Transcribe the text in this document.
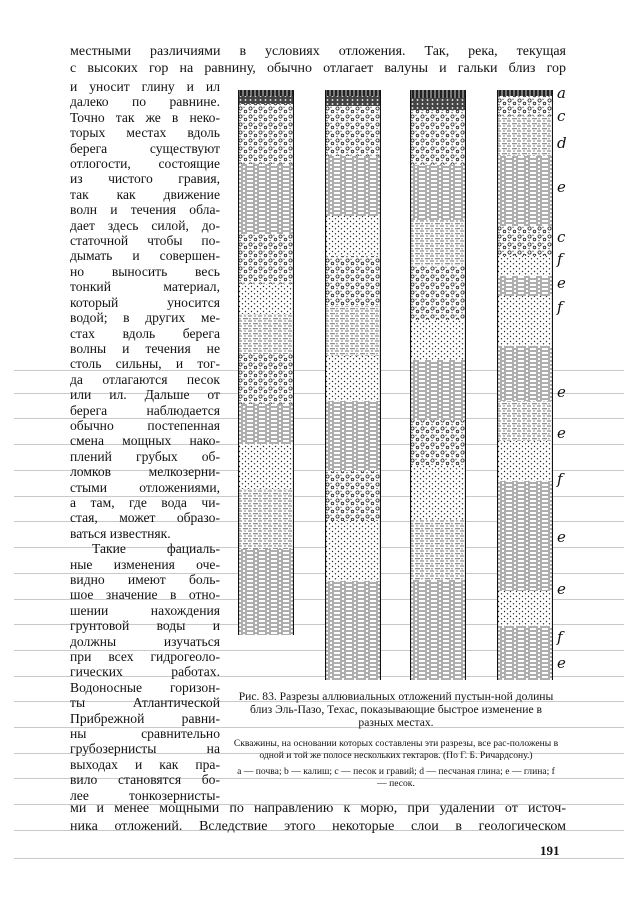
местными различиями в условиях отложения. Так, река, текущая
с высоких гор на равнину, обычно отлагает валуны и гальки близ гор
и уносит глину и ил
далеко по равнине.
Точно так же в неко-
торых местах вдоль
берега существуют
отлогости, состоящие
из чистого гравия,
так как движение
волн и течения обла-
дает здесь силой, до-
статочной чтобы по-
дымать и совершен-
но выносить весь
тонкий материал,
который уносится
водой; в других ме-
стах вдоль берега
волны и течения не
столь сильны, и тог-
да отлагаются песок
или ил. Дальше от
берега наблюдается
обычно постепенная
смена мощных нако-
плений грубых об-
ломков мелкозерни-
стыми отложениями,
а там, где вода чи-
стая, может образо-
ваться известняк.
Такие фациаль-
ные изменения оче-
видно имеют боль-
шое значение в отно-
шении нахождения
грунтовой воды и
должны изучаться
при всех гидрогеоло-
гических работах.
Водоносные горизон-
ты Атлантической
Прибрежной равни-
ны сравнительно
грубозернисты на
выходах и как пра-
вило становятся бо-
лее тонкозернисты-
a
c
d
e
c
f
e
f
e
e
f
e
e
f
e
Рис. 83. Разрезы аллювиальных отложений пустын-ной долины близ Эль-Пазо, Техас, показывающие быстрое изменение в разных местах.
Скважины, на основании которых составлены эти разрезы, все рас-положены в одной и той же полосе нескольких гектаров. (По Г. Б. Ричардсону.)
a — почва; b — калиш; c — песок и гравий; d — песчаная глина; e — глина; f — песок.
ми и менее мощными по направлению к морю, при удалении от источ-
ника отложений. Вследствие этого некоторые слои в геологическом
191
